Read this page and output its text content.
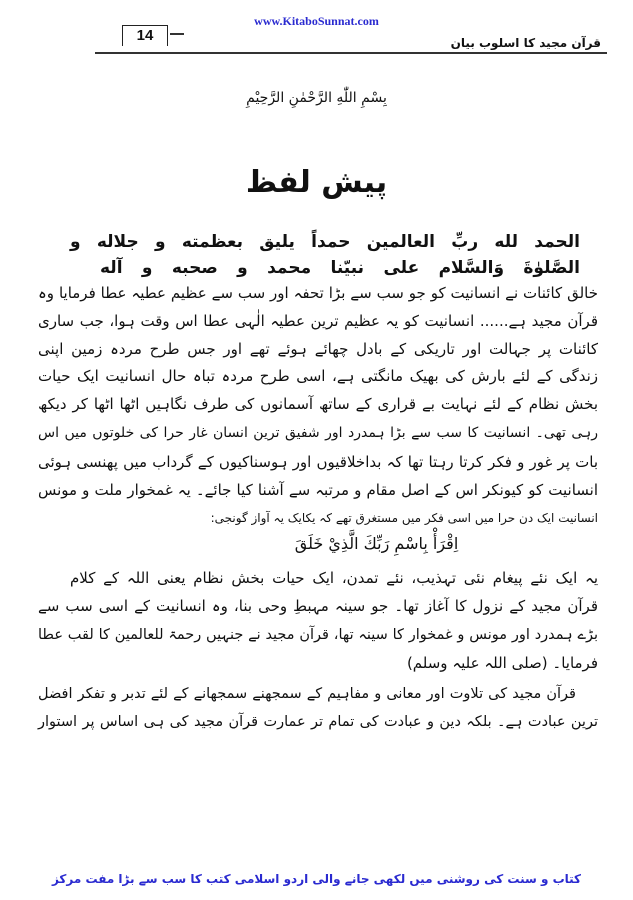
www.KitaboSunnat.com
14	قرآن مجید کا اسلوب بیان
بِسْمِ اللّٰهِ الرَّحْمٰنِ الرَّحِيْمِ
پیش لفظ
الحمد لله ربِّ العالمين حمداً يليق بعظمته و جلاله و
الصَّلوٰةَ وَالسَّلام على نبيّنا محمد و صحبه و آله
خالق کائنات نے انسانیت کو جو سب سے بڑا تحفہ اور سب سے عظیم عطیہ عطا فرمایا وہ
قرآن مجید ہے...... انسانیت کو یہ عظیم ترین عطیہ الٰہی عطا اس وقت ہوا، جب ساری
کائنات پر جہالت اور تاریکی کے بادل چھائے ہوئے تھے اور جس طرح مردہ زمین اپنی
زندگی کے لئے بارش کی بھیک مانگتی ہے، اسی طرح مردہ تباہ حال انسانیت ایک حیات
بخش نظام کے لئے نہایت بے قراری کے ساتھ آسمانوں کی طرف نگاہیں اٹھا اٹھا کر دیکھ
رہی تھی۔ انسانیت کا سب سے بڑا ہمدرد اور شفیق ترین انسان غار حرا کی خلوتوں میں اس
بات پر غور و فکر کرتا رہتا تھا کہ بداخلاقیوں اور ہوسناکیوں کے گرداب میں پھنسی ہوئی
انسانیت کو کیونکر اس کے اصل مقام و مرتبہ سے آشنا کیا جائے۔ یہ غمخوار ملت و مونس
انسانیت ایک دن حرا میں اسی فکر میں مستغرق تھے کہ یکایک یہ آواز گونجی:
اِقْرَأْ بِاسْمِ رَبِّكَ الَّذِيْ خَلَقَ
یہ ایک نئے پیغام نئی تہذیب، نئے تمدن، ایک حیات بخش نظام یعنی اللہ کے کلام
قرآن مجید کے نزول کا آغاز تھا۔ جو سینہ مہبطِ وحی بنا، وہ انسانیت کے اسی سب سے
بڑے ہمدرد اور مونس و غمخوار کا سینہ تھا، قرآن مجید نے جنہیں رحمۃ للعالمین کا لقب عطا
فرمایا۔ (صلی اللہ علیہ وسلم)
قرآن مجید کی تلاوت اور معانی و مفاہیم کے سمجھنے سمجھانے کے لئے تدبر و تفکر افضل
ترین عبادت ہے۔ بلکہ دین و عبادت کی تمام تر عمارت قرآن مجید کی ہی اساس پر استوار
کتاب و سنت کی روشنی میں لکھی جانے والی اردو اسلامی کتب کا سب سے بڑا مفت مرکز
